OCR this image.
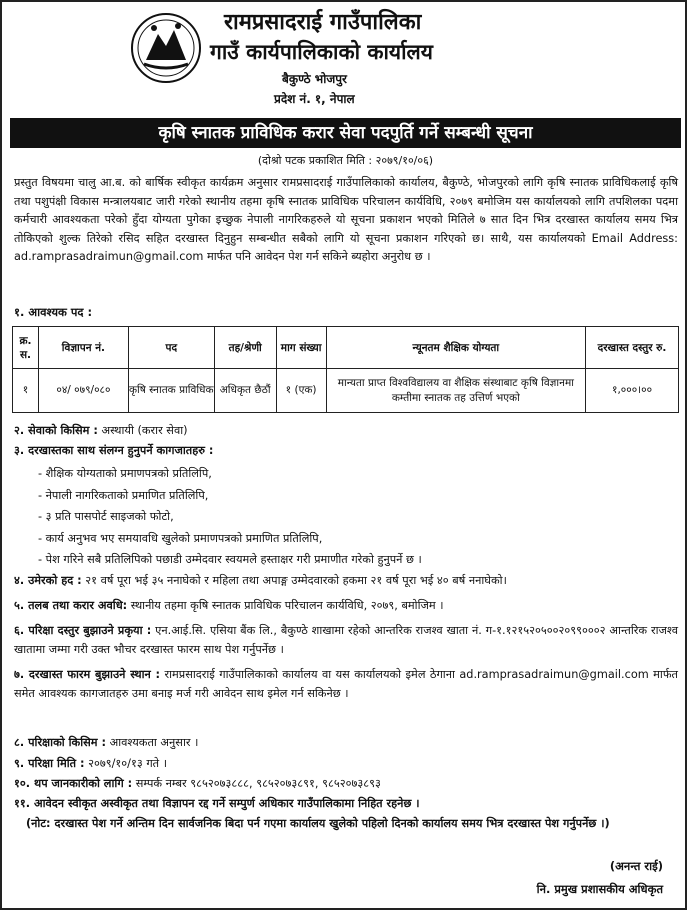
रामप्रसादराई गाउँपालिका
गाउँ कार्यपालिकाको कार्यालय
बैकुण्ठे भोजपुर
प्रदेश नं. १, नेपाल
कृषि स्नातक प्राविधिक करार सेवा पदपुर्ति गर्ने सम्बन्धी सूचना
(दोश्रो पटक प्रकाशित मिति : २०७९/१०/०६)

प्रस्तुत विषयमा चालु आ.ब. को बार्षिक स्वीकृत कार्यक्रम अनुसार रामप्रसादराई गाउँपालिकाको कार्यालय, बैकुण्ठे, भोजपुरको लागि कृषि स्नातक प्राविधिकलाई कृषि तथा पशुपंक्षी विकास मन्त्रालयबाट जारी गरेको स्थानीय तहमा कृषि स्नातक प्राविधिक परिचालन कार्यविधि, २०७९ बमोजिम यस कार्यालयको लागि तपशिलका पदमा कर्मचारी आवश्यकता परेको हुँदा योग्यता पुगेका इच्छुक नेपाली नागरिकहरुले यो सूचना प्रकाशन भएको मितिले ७ सात दिन भित्र दरखास्त कार्यालय समय भित्र तोकिएको शुल्क तिरेको रसिद सहित दरखास्त दिनुहुन सम्बन्धीत सबैको लागि यो सूचना प्रकाशन गरिएको छ। साथै, यस कार्यालयको Email Address: ad.ramprasadraimun@gmail.com मार्फत पनि आवेदन पेश गर्न सकिने ब्यहोरा अनुरोध छ ।

१. आवश्यक पद :
क्र. स.	विज्ञापन नं.	पद	तह/श्रेणी	माग संख्या	न्यूनतम शैक्षिक योग्यता	दरखास्त दस्तुर रु.
१	०४/ ०७९/०८०	कृषि स्नातक प्राविधिक	अधिकृत छैठौं	१ (एक)	मान्यता प्राप्त विश्वविद्यालय वा शैक्षिक संस्थाबाट कृषि विज्ञानमा कम्तीमा स्नातक तह उत्तिर्ण भएको	१,०००।००
२. सेवाको किसिम : अस्थायी (करार सेवा)
३. दरखास्तका साथ संलग्न हुनुपर्ने कागजातहरु :
- शैक्षिक योग्यताको प्रमाणपत्रको प्रतिलिपि,
- नेपाली नागरिकताको प्रमाणित प्रतिलिपि,
- ३ प्रति पासपोर्ट साइजको फोटो,
- कार्य अनुभव भए समयावधि खुलेको प्रमाणपत्रको प्रमाणित प्रतिलिपि,
- पेश गरिने सबै प्रतिलिपिको पछाडी उम्मेदवार स्वयमले हस्ताक्षर गरी प्रमाणीत गरेको हुनुपर्ने छ ।
४. उमेरको हद : २१ वर्ष पूरा भई ३५ ननाघेको र महिला तथा अपाङ्ग उम्मेदवारको हकमा २१ वर्ष पूरा भई ४० बर्ष ननाघेको।
५. तलब तथा करार अवधि: स्थानीय तहमा कृषि स्नातक प्राविधिक परिचालन कार्यविधि, २०७९, बमोजिम ।
६. परिक्षा दस्तुर बुझाउने प्रकृया : एन.आई.सि. एसिया बैंक लि., बैकुण्ठे शाखामा रहेको आन्तरिक राजश्व खाता नं. ग-१.१२१५२०५००२०९९०००२ आन्तरिक राजश्व खातामा जम्मा गरी उक्त भौचर दरखास्त फारम साथ पेश गर्नुपर्नेछ ।
७. दरखास्त फारम बुझाउने स्थान : रामप्रसादराई गाउँपालिकाको कार्यालय वा यस कार्यालयको इमेल ठेगाना ad.ramprasadraimun@gmail.com मार्फत समेत आवश्यक कागजातहरु उमा बनाइ मर्ज गरी आवेदन साथ इमेल गर्न सकिनेछ ।
८. परिक्षाको किसिम : आवश्यकता अनुसार ।
९. परिक्षा मिति : २०७९/१०/१३ गते ।
१०. थप जानकारीको लागि : सम्पर्क नम्बर ९८५२०७३८८८, ९८५२०७३८९१, ९८५२०७३८९३
११. आवेदन स्वीकृत अस्वीकृत तथा विज्ञापन रद्द गर्ने सम्पुर्ण अधिकार गाउँपालिकामा निहित रहनेछ ।
(नोट: दरखास्त पेश गर्ने अन्तिम दिन सार्वजनिक बिदा पर्न गएमा कार्यालय खुलेको पहिलो दिनको कार्यालय समय भित्र दरखास्त पेश गर्नुपर्नेछ ।)
(अनन्त राई)
नि. प्रमुख प्रशासकीय अधिकृत
